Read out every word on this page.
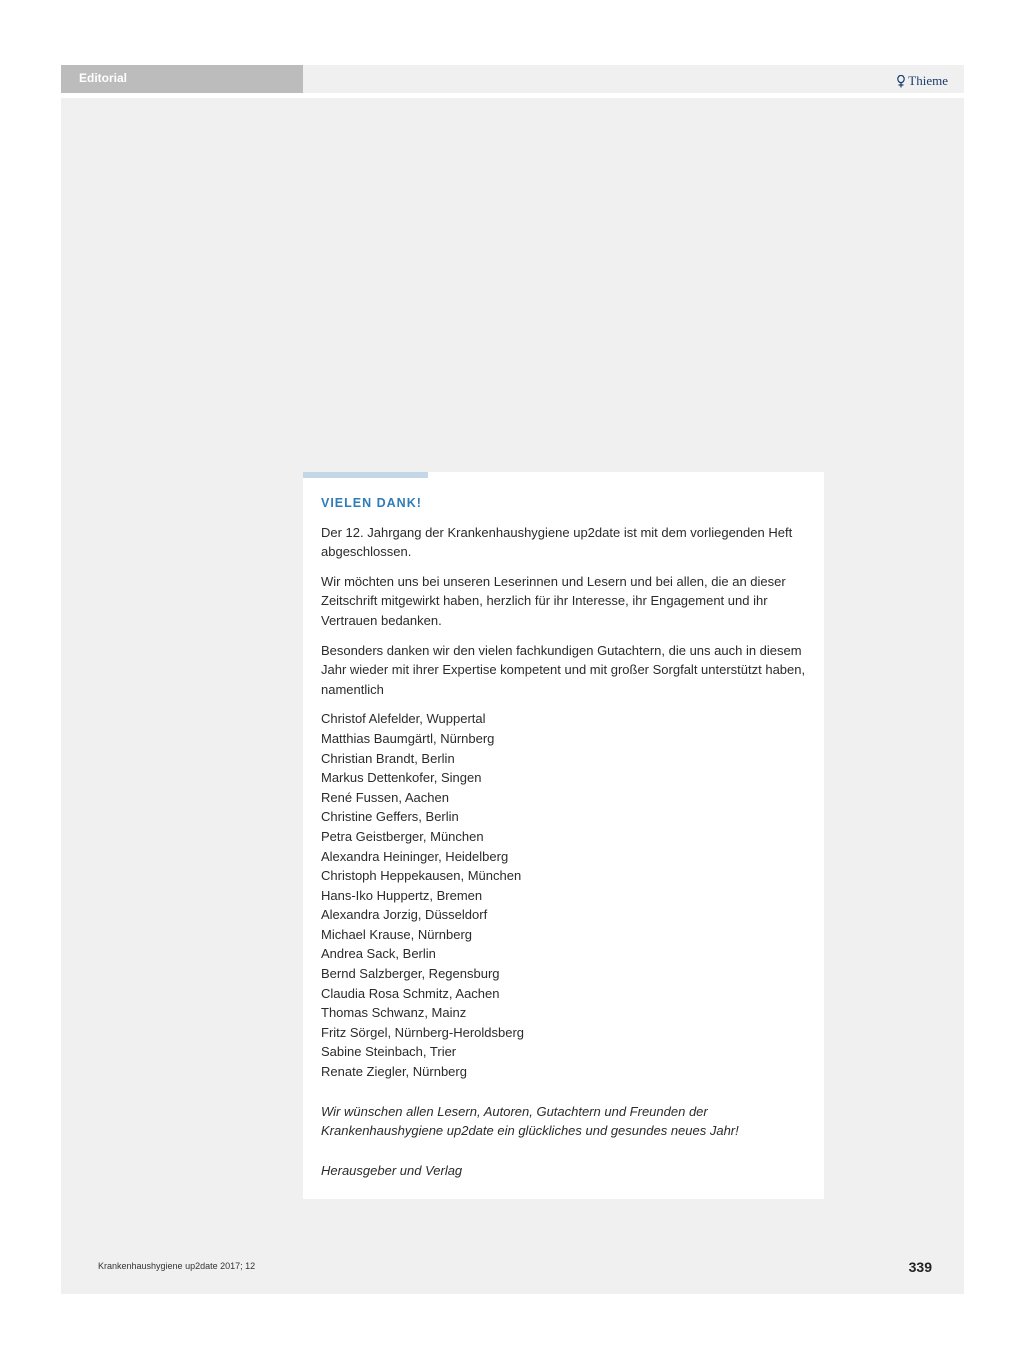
Thieme
Editorial
VIELEN DANK!

Der 12. Jahrgang der Krankenhaushygiene up2date ist mit dem vorliegenden Heft abgeschlossen.

Wir möchten uns bei unseren Leserinnen und Lesern und bei allen, die an dieser Zeitschrift mitgewirkt haben, herzlich für ihr Interesse, ihr Engagement und ihr Vertrauen bedanken.

Besonders danken wir den vielen fachkundigen Gutachtern, die uns auch in diesem Jahr wieder mit ihrer Expertise kompetent und mit großer Sorgfalt unterstützt haben, namentlich

Christof Alefelder, Wuppertal
Matthias Baumgärtl, Nürnberg
Christian Brandt, Berlin
Markus Dettenkofer, Singen
René Fussen, Aachen
Christine Geffers, Berlin
Petra Geistberger, München
Alexandra Heininger, Heidelberg
Christoph Heppekausen, München
Hans-Iko Huppertz, Bremen
Alexandra Jorzig, Düsseldorf
Michael Krause, Nürnberg
Andrea Sack, Berlin
Bernd Salzberger, Regensburg
Claudia Rosa Schmitz, Aachen
Thomas Schwanz, Mainz
Fritz Sörgel, Nürnberg-Heroldsberg
Sabine Steinbach, Trier
Renate Ziegler, Nürnberg

Wir wünschen allen Lesern, Autoren, Gutachtern und Freunden der Krankenhaushygiene up2date ein glückliches und gesundes neues Jahr!

Herausgeber und Verlag

Krankenhaushygiene up2date 2017; 12	339
